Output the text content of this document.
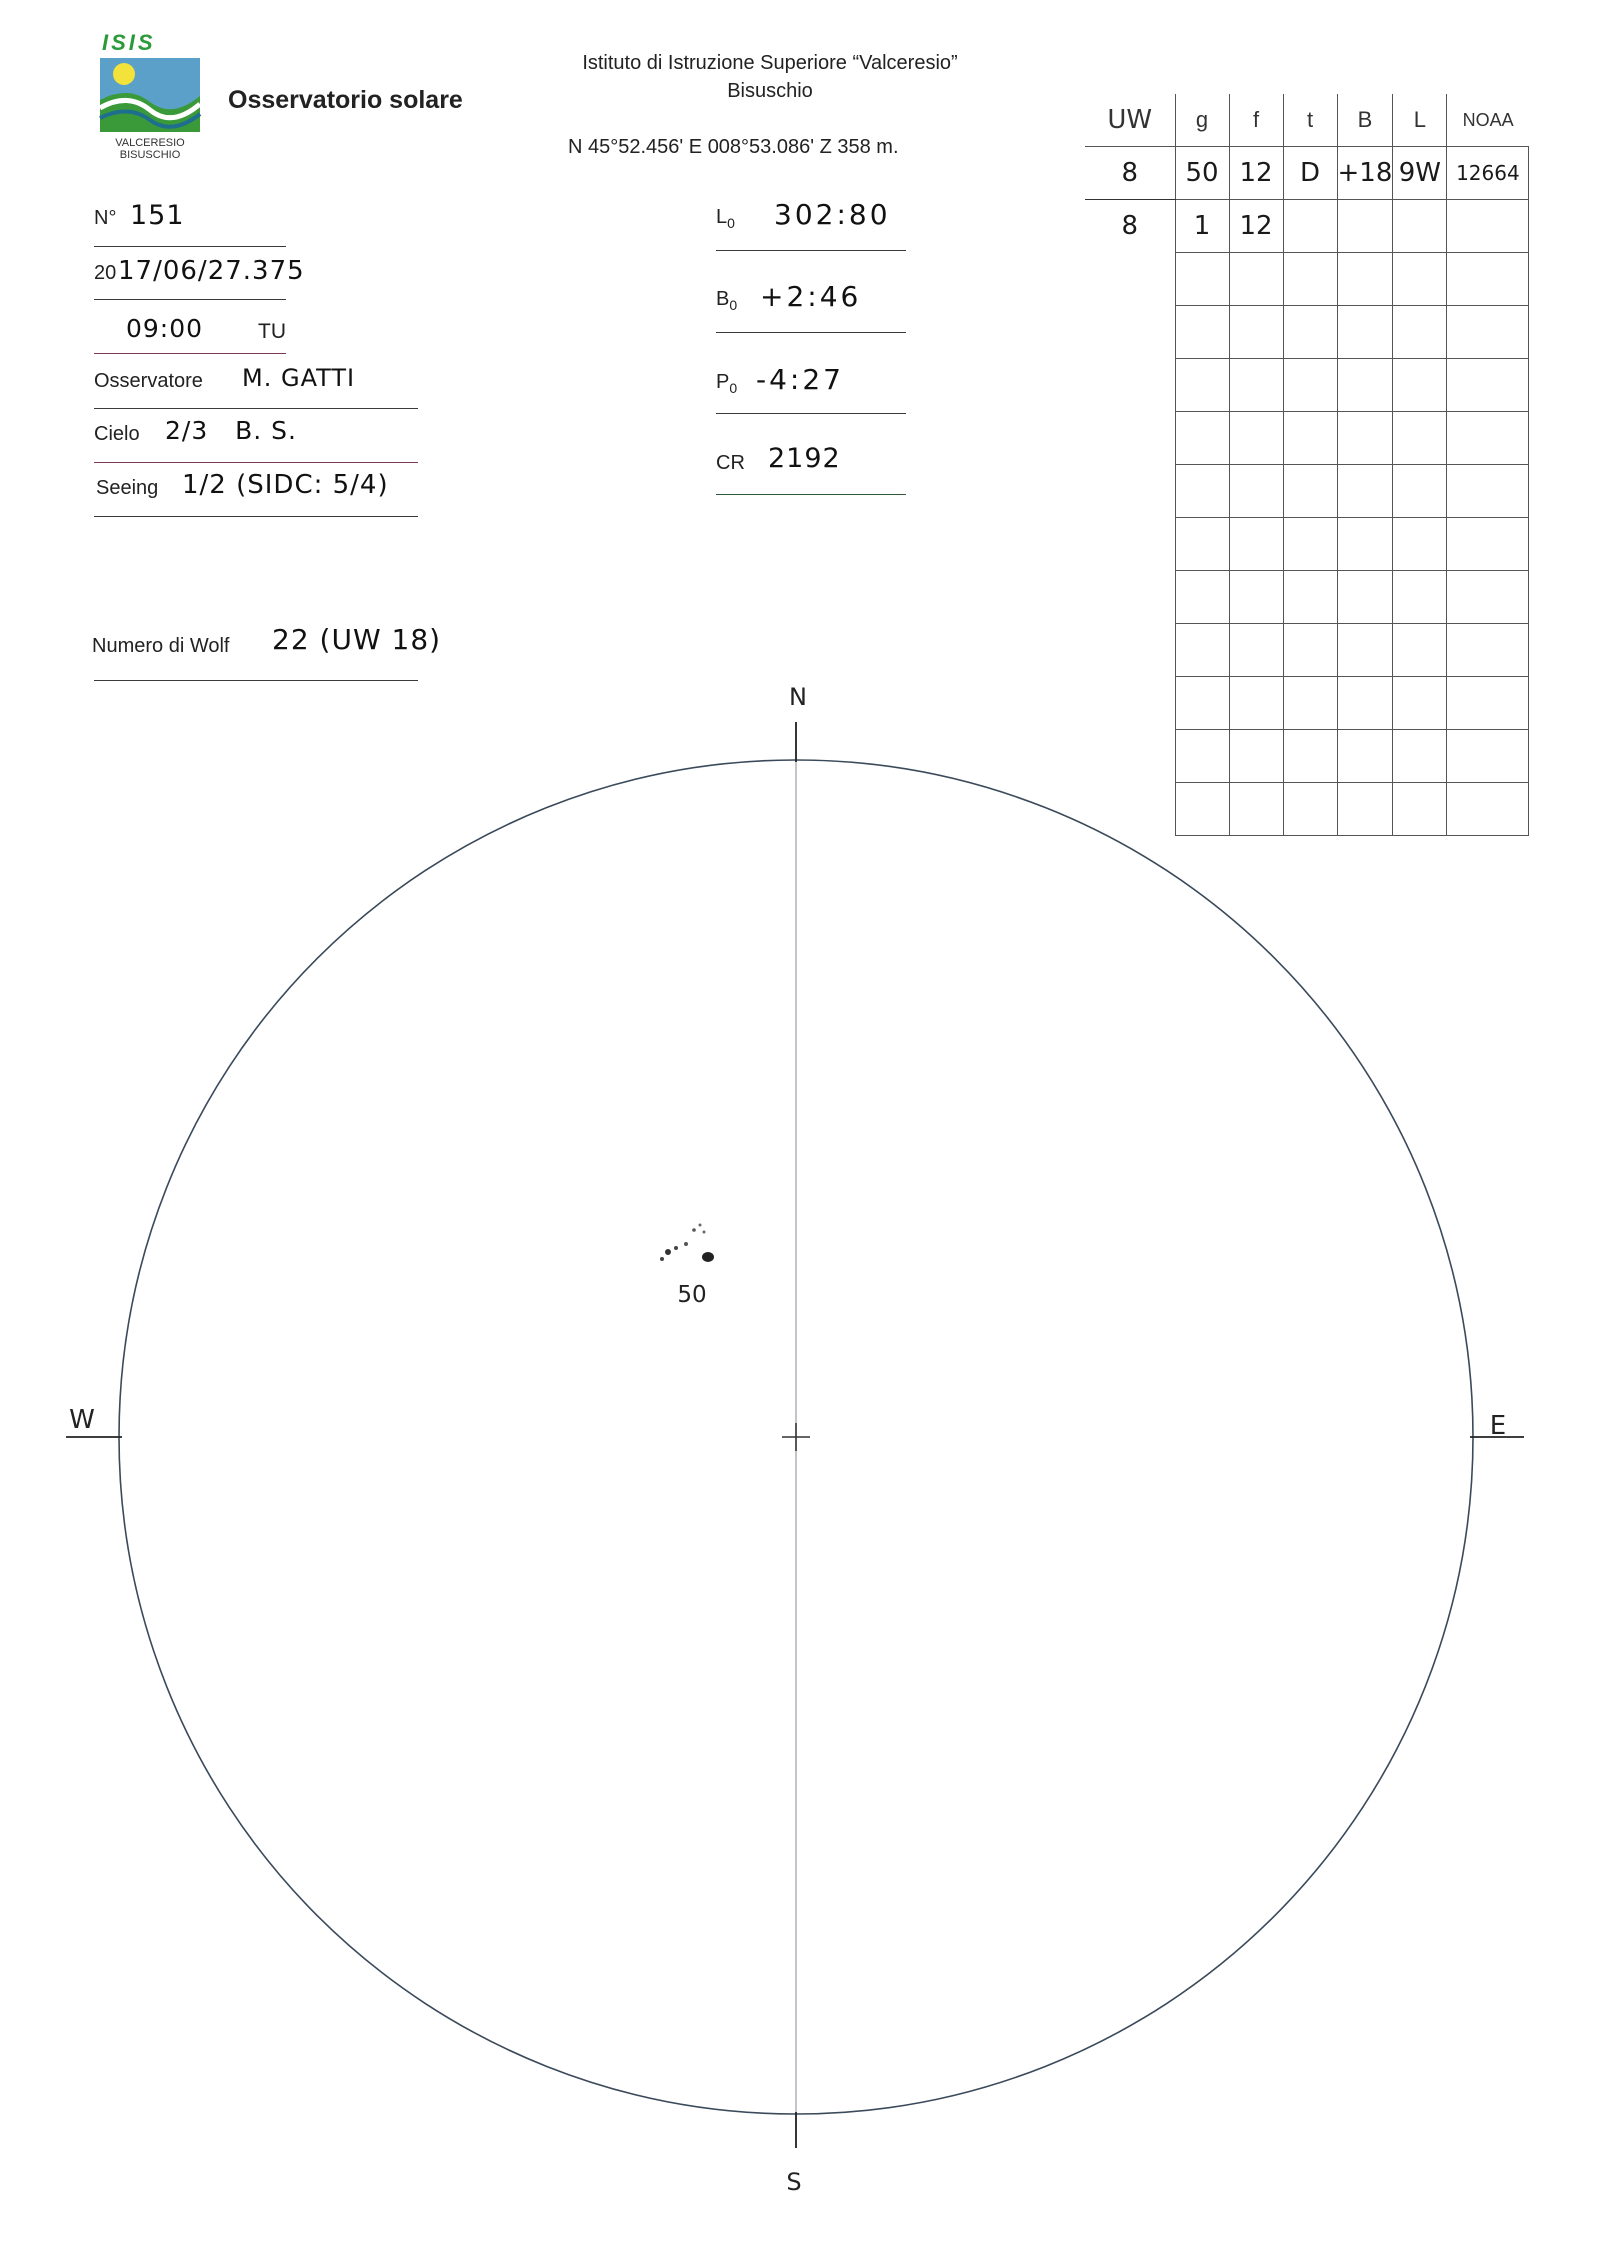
ISIS
VALCERESIO
BISUSCHIO
Osservatorio solare
Istituto di Istruzione Superiore “Valceresio”
Bisuschio
N 45°52.456' E 008°53.086' Z 358 m.
N° 151
20 17/06/27.375
09:00	TU
Osservatore M. GATTI
Cielo 2/3   B. S.
Seeing 1/2 (SIDC: 5/4)
Numero di Wolf 22 (UW 18)
$L_0$ 302:80
$B_0$ +2:46
$P_0$ -4:27
CR 2192
UW	g	f	t	B	L	NOAA
8	50	12	D	+18	9W	12664
8	1	12				

N
S
W	E
50
